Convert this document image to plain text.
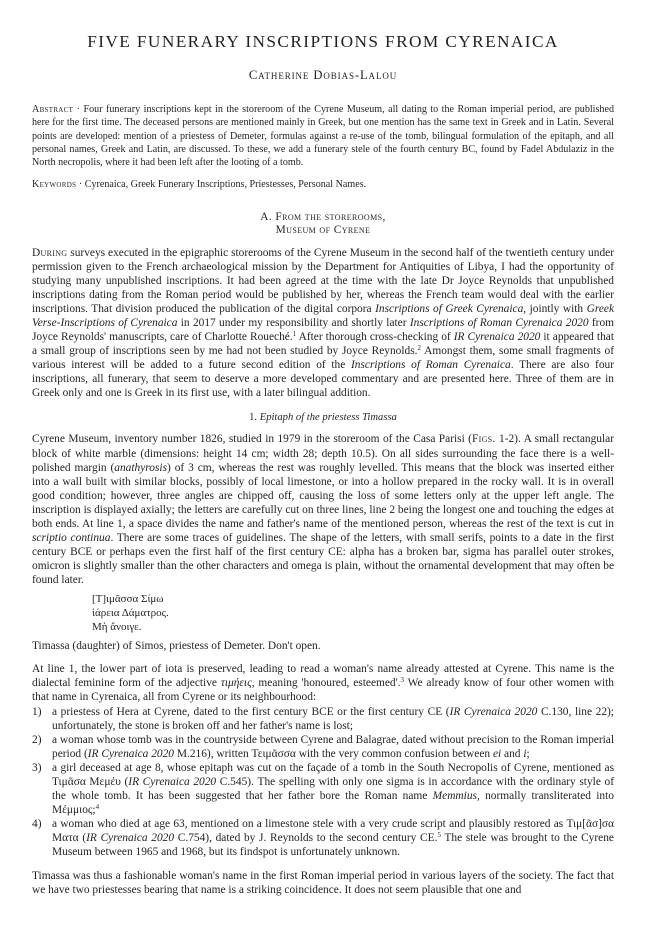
FIVE FUNERARY INSCRIPTIONS FROM CYRENAICA
Catherine Dobias-Lalou

Abstract · Four funerary inscriptions kept in the storeroom of the Cyrene Museum, all dating to the Roman imperial period, are published here for the first time. The deceased persons are mentioned mainly in Greek, but one mention has the same text in Greek and in Latin. Several points are developed: mention of a priestess of Demeter, formulas against a re-use of the tomb, bilingual formulation of the epitaph, and all personal names, Greek and Latin, are discussed. To these, we add a funerary stele of the fourth century BC, found by Fadel Abdulaziz in the North necropolis, where it had been left after the looting of a tomb.

Keywords · Cyrenaica, Greek Funerary Inscriptions, Priestesses, Personal Names.

A. From the storerooms,
Museum of Cyrene

During surveys executed in the epigraphic storerooms of the Cyrene Museum in the second half of the twentieth century under permission given to the French archaeological mission by the Department for Antiquities of Libya, I had the opportunity of studying many unpublished inscriptions. It had been agreed at the time with the late Dr Joyce Reynolds that unpublished inscriptions dating from the Roman period would be published by her, whereas the French team would deal with the earlier inscriptions. That division produced the publication of the digital corpora Inscriptions of Greek Cyrenaica, jointly with Greek Verse-Inscriptions of Cyrenaica in 2017 under my responsibility and shortly later Inscriptions of Roman Cyrenaica 2020 from Joyce Reynolds' manuscripts, care of Charlotte Roueché.$^1$ After thorough cross-checking of IR Cyrenaica 2020 it appeared that a small group of inscriptions seen by me had not been studied by Joyce Reynolds.$^2$ Amongst them, some small fragments of various interest will be added to a future second edition of the Inscriptions of Roman Cyrenaica. There are also four inscriptions, all funerary, that seem to deserve a more developed commentary and are presented here. Three of them are in Greek only and one is Greek in its first use, with a later bilingual addition.

1. Epitaph of the priestess Timassa

Cyrene Museum, inventory number 1826, studied in 1979 in the storeroom of the Casa Parisi (Figs. 1-2). A small rectangular block of white marble (dimensions: height 14 cm; width 28; depth 10.5). On all sides surrounding the face there is a well-polished margin (anathyrosis) of 3 cm, whereas the rest was roughly levelled. This means that the block was inserted either into a wall built with similar blocks, possibly of local limestone, or into a hollow prepared in the rocky wall. It is in overall good condition; however, three angles are chipped off, causing the loss of some letters only at the upper left angle. The inscription is displayed axially; the letters are carefully cut on three lines, line 2 being the longest one and touching the edges at both ends. At line 1, a space divides the name and father's name of the mentioned person, whereas the rest of the text is cut in scriptio continua. There are some traces of guidelines. The shape of the letters, with small serifs, points to a date in the first century BCE or perhaps even the first half of the first century CE: alpha has a broken bar, sigma has parallel outer strokes, omicron is slightly smaller than the other characters and omega is plain, without the ornamental development that may often be found later.

[Τ]ιμᾶσσα Σίμω
ἱάρεια Δάματρος.
Μὴ ἄνοιγε.

Timassa (daughter) of Simos, priestess of Demeter. Don't open.

At line 1, the lower part of iota is preserved, leading to read a woman's name already attested at Cyrene. This name is the dialectal feminine form of the adjective τιμήεις, meaning 'honoured, esteemed'.$^3$ We already know of four other women with that name in Cyrenaica, all from Cyrene or its neighbourhood:

1) a priestess of Hera at Cyrene, dated to the first century BCE or the first century CE (IR Cyrenaica 2020 C.130, line 22); unfortunately, the stone is broken off and her father's name is lost;
2) a woman whose tomb was in the countryside between Cyrene and Balagrae, dated without precision to the Roman imperial period (IR Cyrenaica 2020 M.216), written Τειμᾶσσα with the very common confusion between ei and i;
3) a girl deceased at age 8, whose epitaph was cut on the façade of a tomb in the South Necropolis of Cyrene, mentioned as Τιμᾶσα Μεμέυ (IR Cyrenaica 2020 C.545). The spelling with only one sigma is in accordance with the ordinary style of the whole tomb. It has been suggested that her father bore the Roman name Memmius, normally transliterated into Μέμμιος;$^4$
4) a woman who died at age 63, mentioned on a limestone stele with a very crude script and plausibly restored as Τιμ[ᾶσ]σα Ματα (IR Cyrenaica 2020 C.754), dated by J. Reynolds to the second century CE.$^5$ The stele was brought to the Cyrene Museum between 1965 and 1968, but its findspot is unfortunately unknown.

Timassa was thus a fashionable woman's name in the first Roman imperial period in various layers of the society. The fact that we have two priestesses bearing that name is a striking coincidence. It does not seem plausible that one and
